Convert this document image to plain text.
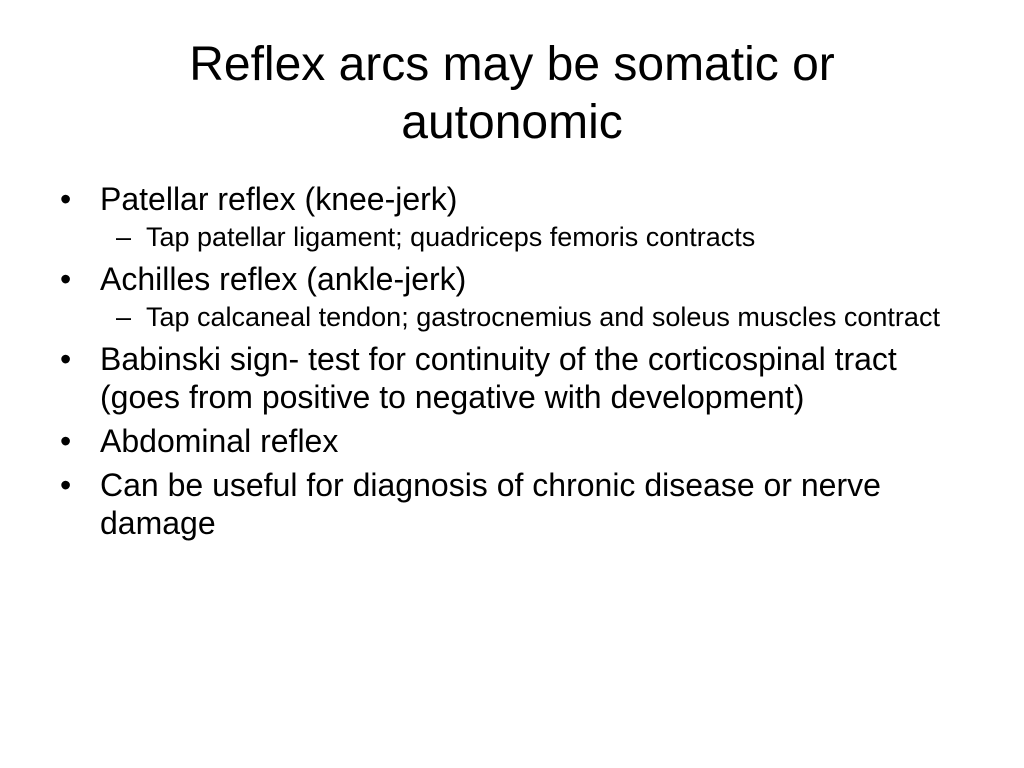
Reflex arcs may be somatic or
autonomic
• Patellar reflex (knee-jerk)
– Tap patellar ligament; quadriceps femoris contracts
• Achilles reflex (ankle-jerk)
– Tap calcaneal tendon; gastrocnemius and soleus muscles contract
• Babinski sign- test for continuity of the corticospinal tract (goes from positive to negative with development)
• Abdominal reflex
• Can be useful for diagnosis of chronic disease or nerve damage
